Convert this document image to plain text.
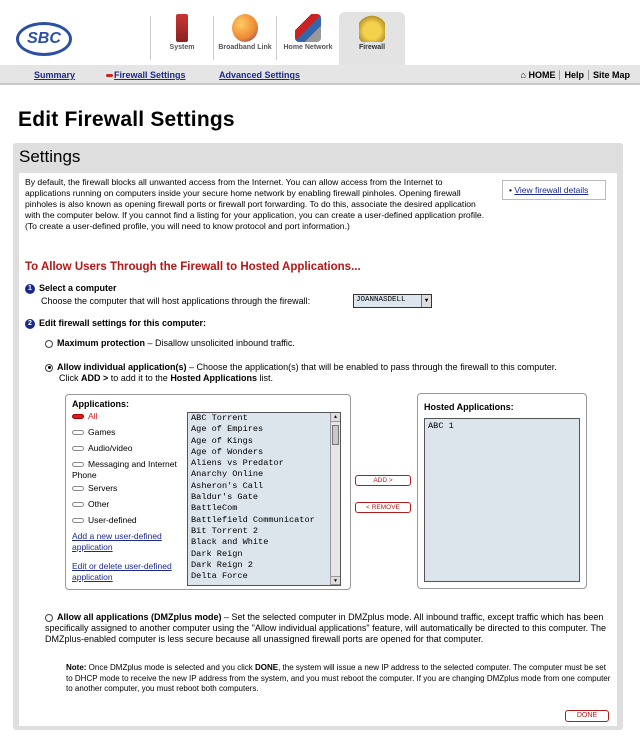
SBC
System	Broadband Link	Home Network	Firewall
Summary	Firewall Settings	Advanced Settings	⌂ HOME Help Site Map
Edit Firewall Settings
Settings
By default, the firewall blocks all unwanted access from the Internet. You can allow access from the Internet to applications running on computers inside your secure home network by enabling firewall pinholes. Opening firewall pinholes is also known as opening firewall ports or firewall port forwarding. To do this, associate the desired application with the computer below. If you cannot find a listing for your application, you can create a user-defined application profile. (To create a user-defined profile, you will need to know protocol and port information.)
• View firewall details
To Allow Users Through the Firewall to Hosted Applications...
1 Select a computer
Choose the computer that will host applications through the firewall:	JOANNASDELL	▼
2 Edit firewall settings for this computer:
Maximum protection – Disallow unsolicited inbound traffic.
Allow individual application(s) – Choose the application(s) that will be enabled to pass through the firewall to this computer.
Click ADD > to add it to the Hosted Applications list.
Applications:
All
Games
Audio/video
Messaging and Internet Phone
Servers
Other
User-defined
Add a new user-defined application
Edit or delete user-defined application
ABC Torrent
Age of Empires
Age of Kings
Age of Wonders
Aliens vs Predator
Anarchy Online
Asheron's Call
Baldur's Gate
BattleCom
Battlefield Communicator
Bit Torrent 2
Black and White
Dark Reign
Dark Reign 2
Delta Force
▲
▼
ADD >
< REMOVE
Hosted Applications:
ABC 1
Allow all applications (DMZplus mode) – Set the selected computer in DMZplus mode. All inbound traffic, except traffic which has been specifically assigned to another computer using the "Allow individual applications" feature, will automatically be directed to this computer. The DMZplus-enabled computer is less secure because all unassigned firewall ports are opened for that computer.
Note: Once DMZplus mode is selected and you click DONE, the system will issue a new IP address to the selected computer. The computer must be set to DHCP mode to receive the new IP address from the system, and you must reboot the computer. If you are changing DMZplus mode from one computer to another computer, you must reboot both computers.
DONE
